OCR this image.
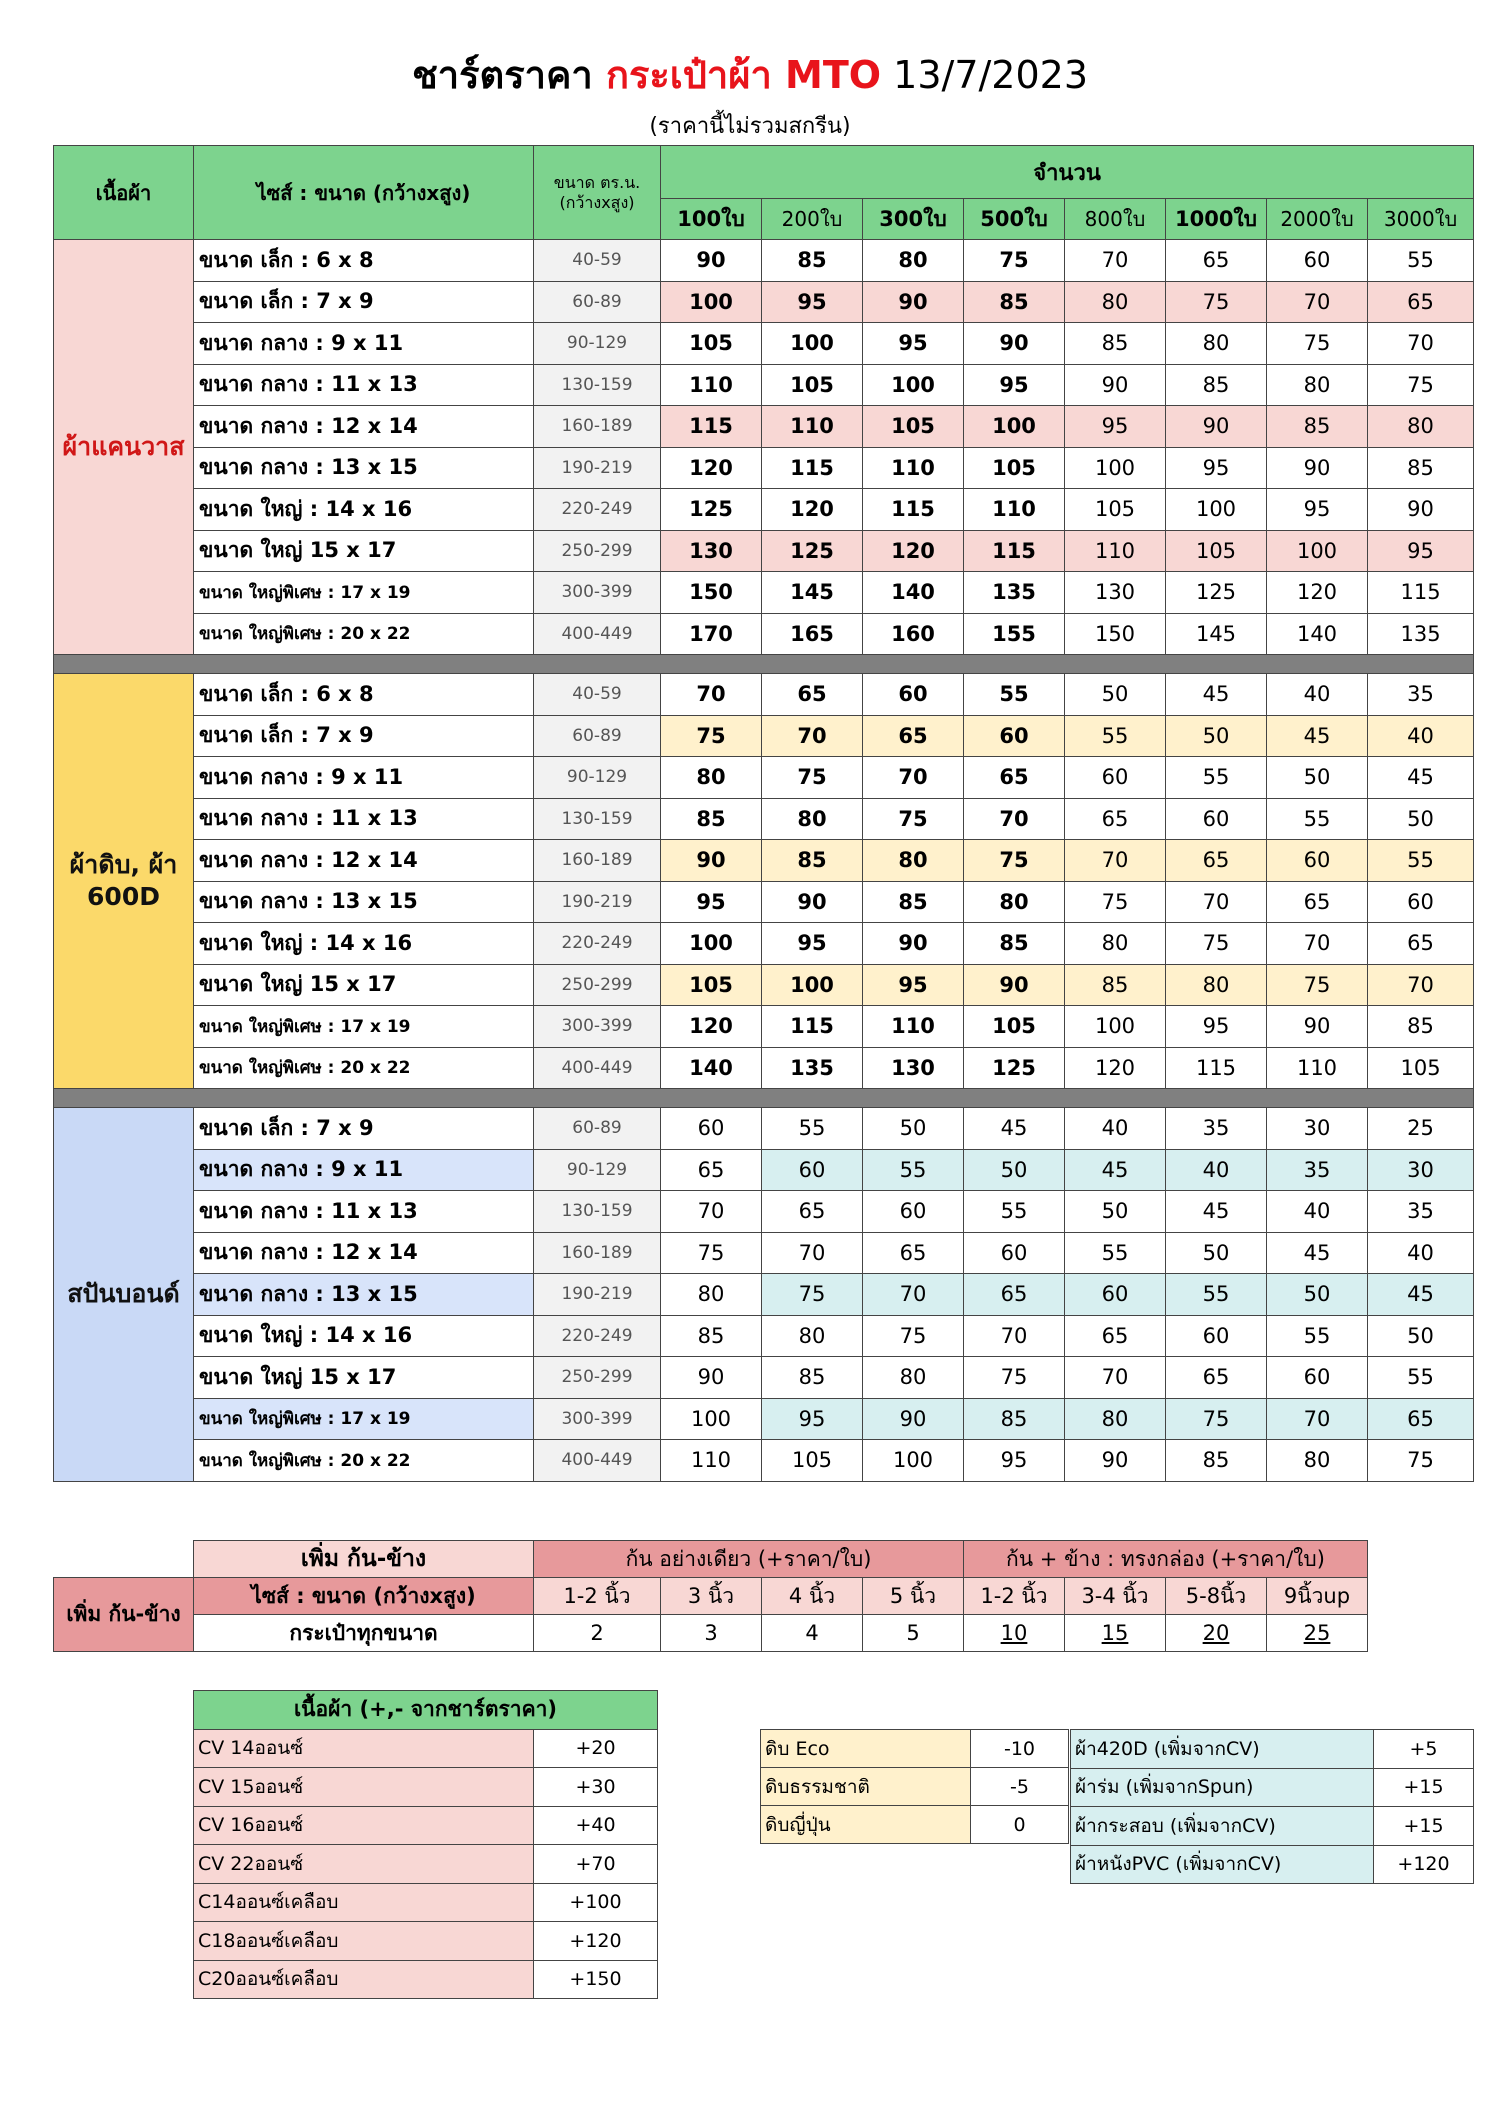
ชาร์ตราคา กระเป๋าผ้า MTO 13/7/2023
(ราคานี้ไม่รวมสกรีน)
เนื้อผ้า	ไซส์ : ขนาด (กว้างxสูง)	ขนาด ตร.น. (กว้างxสูง)	จำนวน							
			100ใบ	200ใบ	300ใบ	500ใบ	800ใบ	1000ใบ	2000ใบ	3000ใบ
ผ้าแคนวาส	ขนาด เล็ก : 6 x 8	40-59	90	85	80	75	70	65	60	55
	ขนาด เล็ก : 7 x 9	60-89	100	95	90	85	80	75	70	65
	ขนาด กลาง : 9 x 11	90-129	105	100	95	90	85	80	75	70
	ขนาด กลาง : 11 x 13	130-159	110	105	100	95	90	85	80	75
	ขนาด กลาง : 12 x 14	160-189	115	110	105	100	95	90	85	80
	ขนาด กลาง : 13 x 15	190-219	120	115	110	105	100	95	90	85
	ขนาด ใหญ่ : 14 x 16	220-249	125	120	115	110	105	100	95	90
	ขนาด ใหญ่ 15 x 17	250-299	130	125	120	115	110	105	100	95
	ขนาด ใหญ่พิเศษ : 17 x 19	300-399	150	145	140	135	130	125	120	115
	ขนาด ใหญ่พิเศษ : 20 x 22	400-449	170	165	160	155	150	145	140	135

ผ้าดิบ, ผ้า 600D	ขนาด เล็ก : 6 x 8	40-59	70	65	60	55	50	45	40	35
	ขนาด เล็ก : 7 x 9	60-89	75	70	65	60	55	50	45	40
	ขนาด กลาง : 9 x 11	90-129	80	75	70	65	60	55	50	45
	ขนาด กลาง : 11 x 13	130-159	85	80	75	70	65	60	55	50
	ขนาด กลาง : 12 x 14	160-189	90	85	80	75	70	65	60	55
	ขนาด กลาง : 13 x 15	190-219	95	90	85	80	75	70	65	60
	ขนาด ใหญ่ : 14 x 16	220-249	100	95	90	85	80	75	70	65
	ขนาด ใหญ่ 15 x 17	250-299	105	100	95	90	85	80	75	70
	ขนาด ใหญ่พิเศษ : 17 x 19	300-399	120	115	110	105	100	95	90	85
	ขนาด ใหญ่พิเศษ : 20 x 22	400-449	140	135	130	125	120	115	110	105

สปันบอนด์	ขนาด เล็ก : 7 x 9	60-89	60	55	50	45	40	35	30	25
	ขนาด กลาง : 9 x 11	90-129	65	60	55	50	45	40	35	30
	ขนาด กลาง : 11 x 13	130-159	70	65	60	55	50	45	40	35
	ขนาด กลาง : 12 x 14	160-189	75	70	65	60	55	50	45	40
	ขนาด กลาง : 13 x 15	190-219	80	75	70	65	60	55	50	45
	ขนาด ใหญ่ : 14 x 16	220-249	85	80	75	70	65	60	55	50
	ขนาด ใหญ่ 15 x 17	250-299	90	85	80	75	70	65	60	55
	ขนาด ใหญ่พิเศษ : 17 x 19	300-399	100	95	90	85	80	75	70	65
	ขนาด ใหญ่พิเศษ : 20 x 22	400-449	110	105	100	95	90	85	80	75
	เพิ่ม ก้น-ข้าง	ก้น อย่างเดียว (+ราคา/ใบ)				ก้น + ข้าง : ทรงกล่อง (+ราคา/ใบ)			
เพิ่ม ก้น-ข้าง	ไซส์ : ขนาด (กว้างxสูง)	1-2 นิ้ว	3 นิ้ว	4 นิ้ว	5 นิ้ว	1-2 นิ้ว	3-4 นิ้ว	5-8นิ้ว	9นิ้วup
	กระเป๋าทุกขนาด	2	3	4	5	10	15	20	25
เนื้อผ้า (+,- จากชาร์ตราคา)	
CV 14ออนซ์	+20
CV 15ออนซ์	+30
CV 16ออนซ์	+40
CV 22ออนซ์	+70
C14ออนซ์เคลือบ	+100
C18ออนซ์เคลือบ	+120
C20ออนซ์เคลือบ	+150
ดิบ Eco	-10
ดิบธรรมชาติ	-5
ดิบญี่ปุ่น	0
ผ้า420D (เพิ่มจากCV)	+5
ผ้าร่ม (เพิ่มจากSpun)	+15
ผ้ากระสอบ (เพิ่มจากCV)	+15
ผ้าหนังPVC (เพิ่มจากCV)	+120
